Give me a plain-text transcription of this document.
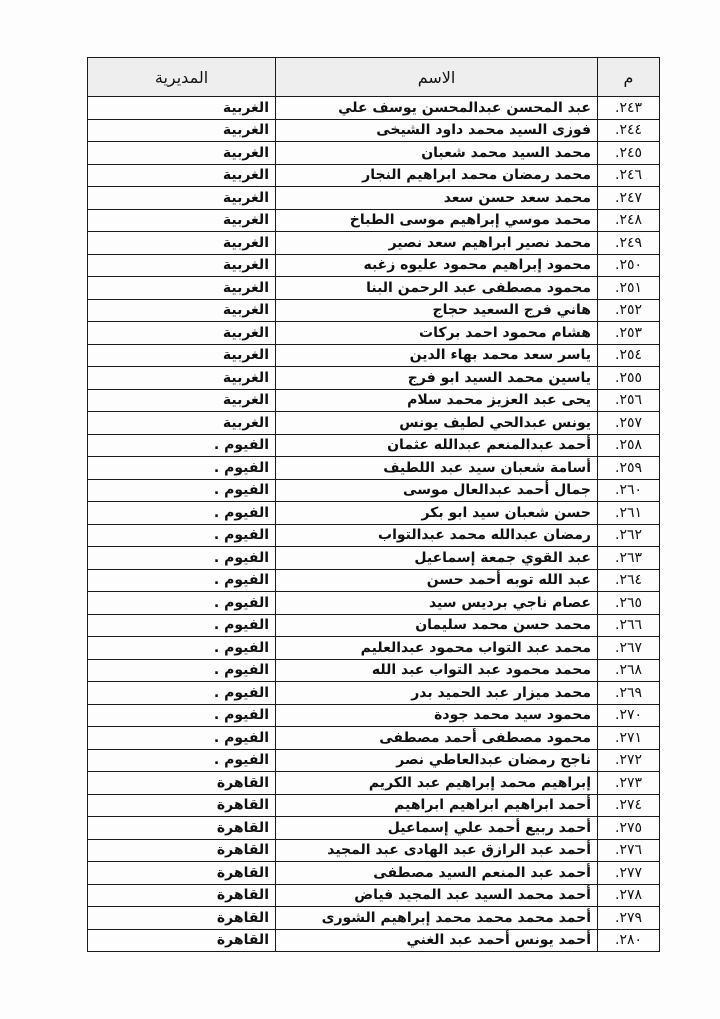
م	الاسم	المديرية
٢٤٣.	عبد المحسن عبدالمحسن يوسف علي	الغربية
٢٤٤.	فوزى السيد محمد داود الشيخى	الغربية
٢٤٥.	محمد السيد محمد شعبان	الغربية
٢٤٦.	محمد رمضان محمد ابراهيم النجار	الغربية
٢٤٧.	محمد سعد حسن سعد	الغربية
٢٤٨.	محمد موسي إبراهيم موسى الطباخ	الغربية
٢٤٩.	محمد نصير ابراهيم سعد نصير	الغربية
٢٥٠.	محمود إبراهيم محمود عليوه زغبه	الغربية
٢٥١.	محمود مصطفى عبد الرحمن البنا	الغربية
٢٥٢.	هاني فرج السعيد حجاج	الغربية
٢٥٣.	هشام محمود احمد بركات	الغربية
٢٥٤.	ياسر سعد محمد بهاء الدين	الغربية
٢٥٥.	ياسين محمد السيد ابو فرج	الغربية
٢٥٦.	يحى عبد العزيز محمد سلام	الغربية
٢٥٧.	يونس عبدالحي لطيف يونس	الغربية
٢٥٨.	أحمد عبدالمنعم عبدالله عثمان	الفيوم .
٢٥٩.	أسامة شعبان سيد عبد اللطيف	الفيوم .
٢٦٠.	جمال أحمد عبدالعال موسى	الفيوم .
٢٦١.	حسن شعبان سيد ابو بكر	الفيوم .
٢٦٢.	رمضان عبدالله محمد عبدالتواب	الفيوم .
٢٦٣.	عبد القوي جمعة إسماعيل	الفيوم .
٢٦٤.	عبد الله توبه أحمد حسن	الفيوم .
٢٦٥.	عصام ناجي برديس سيد	الفيوم .
٢٦٦.	محمد حسن محمد سليمان	الفيوم .
٢٦٧.	محمد عبد التواب محمود عبدالعليم	الفيوم .
٢٦٨.	محمد محمود عبد التواب عبد الله	الفيوم .
٢٦٩.	محمد ميزار عبد الحميد بدر	الفيوم .
٢٧٠.	محمود سيد محمد جودة	الفيوم .
٢٧١.	محمود مصطفى أحمد مصطفى	الفيوم .
٢٧٢.	ناجح رمضان عبدالعاطي نصر	الفيوم .
٢٧٣.	إبراهيم محمد إبراهيم عبد الكريم	القاهرة
٢٧٤.	أحمد ابراهيم ابراهيم ابراهيم	القاهرة
٢٧٥.	أحمد ربيع أحمد علي إسماعيل	القاهرة
٢٧٦.	أحمد عبد الرازق عبد الهادى عبد المجيد	القاهرة
٢٧٧.	أحمد عبد المنعم السيد مصطفى	القاهرة
٢٧٨.	أحمد محمد السيد عبد المجيد فياض	القاهرة
٢٧٩.	أحمد محمد محمد محمد إبراهيم الشورى	القاهرة
٢٨٠.	أحمد يونس أحمد عبد الغني	القاهرة
